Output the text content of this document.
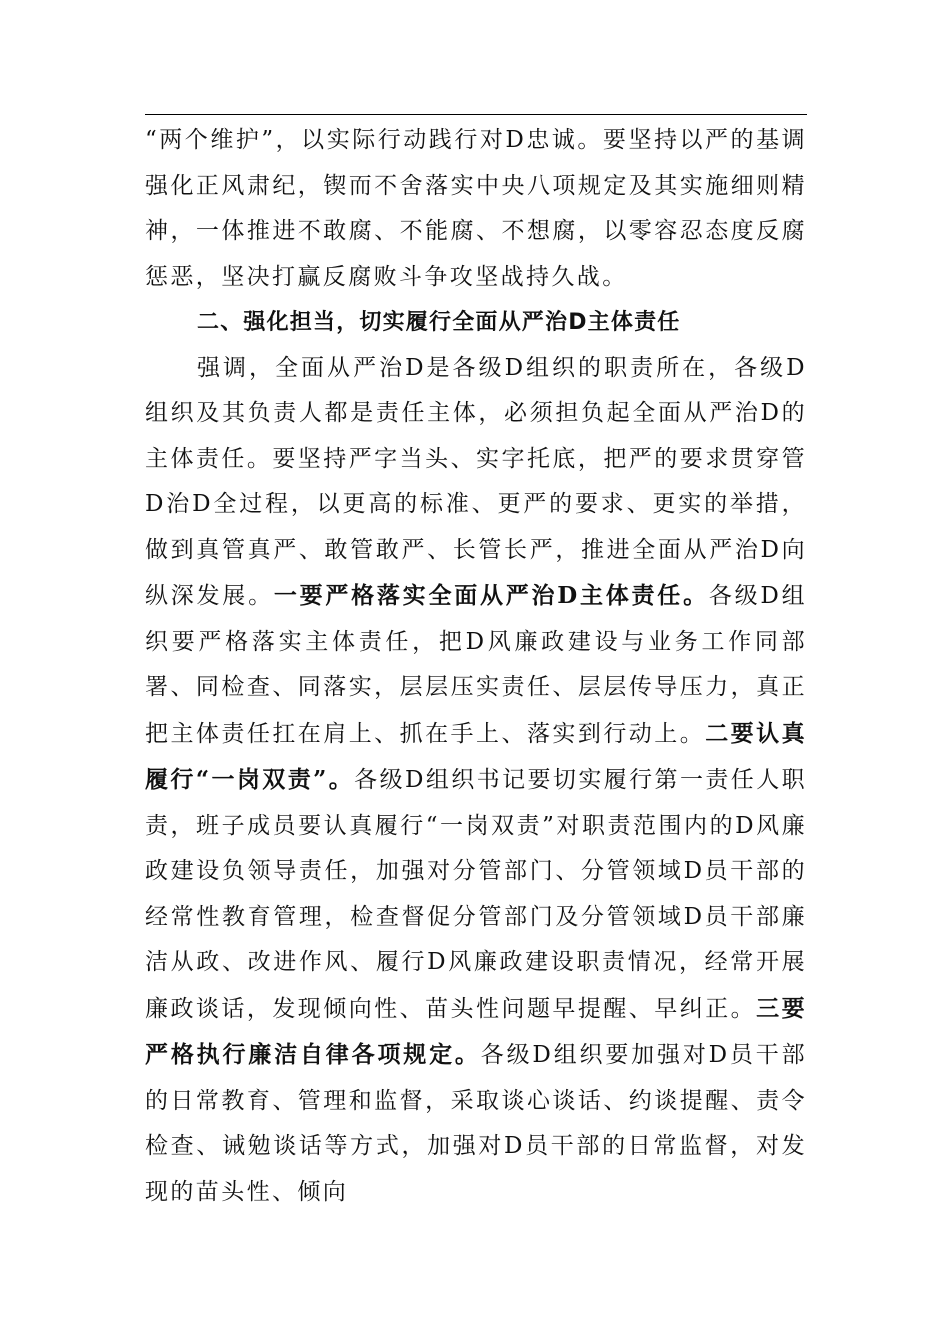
“两个维护”，以实际行动践行对D忠诚。要坚持以严的基调强化正风肃纪，锲而不舍落实中央八项规定及其实施细则精神，一体推进不敢腐、不能腐、不想腐，以零容忍态度反腐惩恶，坚决打赢反腐败斗争攻坚战持久战。

二、强化担当，切实履行全面从严治D主体责任

强调，全面从严治D是各级D组织的职责所在，各级D组织及其负责人都是责任主体，必须担负起全面从严治D的主体责任。要坚持严字当头、实字托底，把严的要求贯穿管D治D全过程，以更高的标准、更严的要求、更实的举措，做到真管真严、敢管敢严、长管长严，推进全面从严治D向纵深发展。一要严格落实全面从严治D主体责任。各级D组织要严格落实主体责任，把D风廉政建设与业务工作同部署、同检查、同落实，层层压实责任、层层传导压力，真正把主体责任扛在肩上、抓在手上、落实到行动上。二要认真履行“一岗双责”。各级D组织书记要切实履行第一责任人职责，班子成员要认真履行“一岗双责”对职责范围内的D风廉政建设负领导责任，加强对分管部门、分管领域D员干部的经常性教育管理，检查督促分管部门及分管领域D员干部廉洁从政、改进作风、履行D风廉政建设职责情况，经常开展廉政谈话，发现倾向性、苗头性问题早提醒、早纠正。三要严格执行廉洁自律各项规定。各级D组织要加强对D员干部的日常教育、管理和监督，采取谈心谈话、约谈提醒、责令检查、诫勉谈话等方式，加强对D员干部的日常监督，对发现的苗头性、倾向
